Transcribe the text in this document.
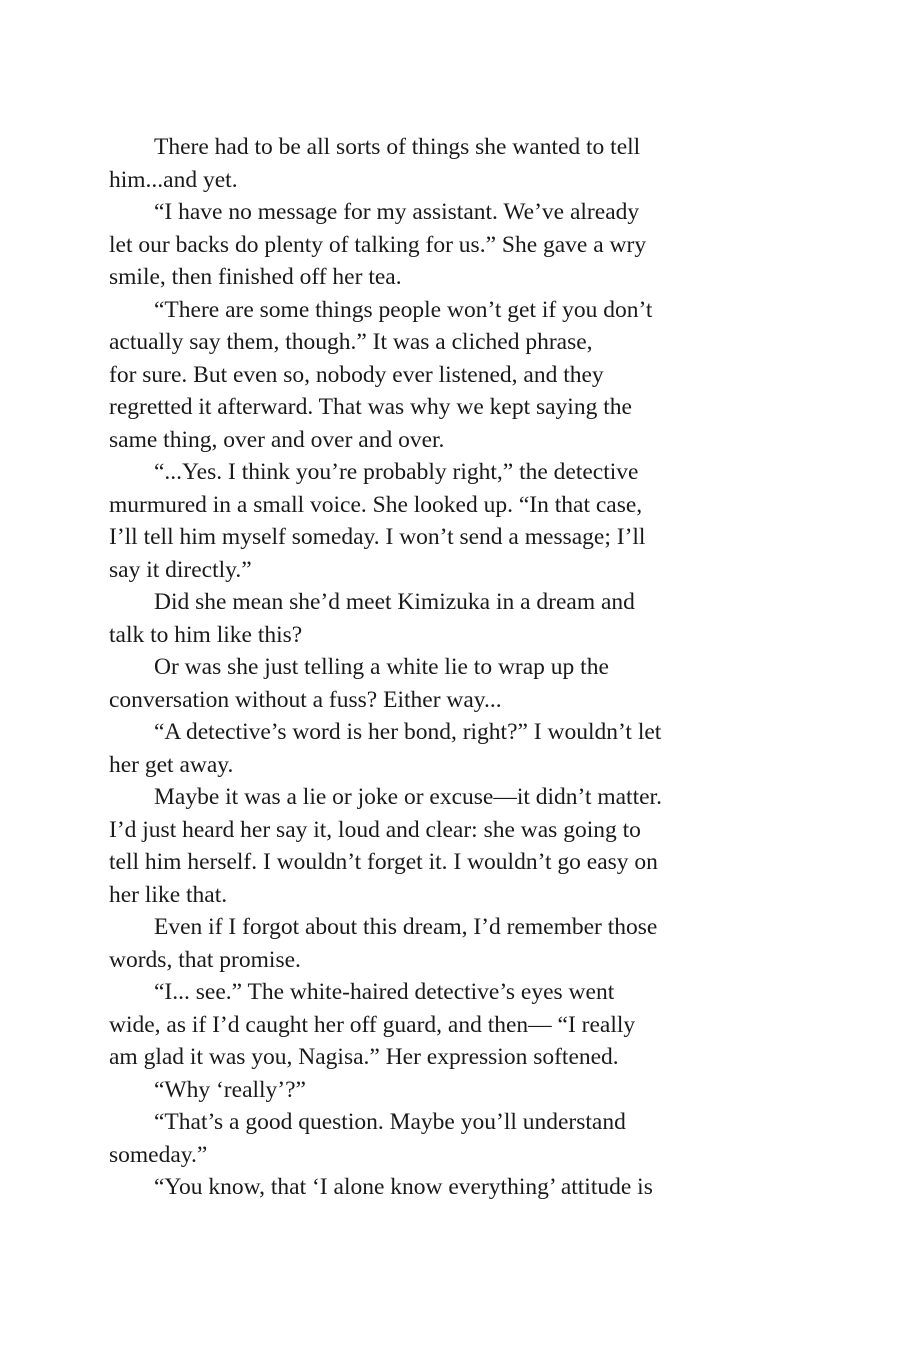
There had to be all sorts of things she wanted to tell
him...and yet.
“I have no message for my assistant. We’ve already
let our backs do plenty of talking for us.” She gave a wry
smile, then finished off her tea.
“There are some things people won’t get if you don’t
actually say them, though.” It was a cliched phrase,
for sure. But even so, nobody ever listened, and they
regretted it afterward. That was why we kept saying the
same thing, over and over and over.
“...Yes. I think you’re probably right,” the detective
murmured in a small voice. She looked up. “In that case,
I’ll tell him myself someday. I won’t send a message; I’ll
say it directly.”
Did she mean she’d meet Kimizuka in a dream and
talk to him like this?
Or was she just telling a white lie to wrap up the
conversation without a fuss? Either way...
“A detective’s word is her bond, right?” I wouldn’t let
her get away.
Maybe it was a lie or joke or excuse—it didn’t matter.
I’d just heard her say it, loud and clear: she was going to
tell him herself. I wouldn’t forget it. I wouldn’t go easy on
her like that.
Even if I forgot about this dream, I’d remember those
words, that promise.
“I... see.” The white-haired detective’s eyes went
wide, as if I’d caught her off guard, and then— “I really
am glad it was you, Nagisa.” Her expression softened.
“Why ‘really’?”
“That’s a good question. Maybe you’ll understand
someday.”
“You know, that ‘I alone know everything’ attitude is
